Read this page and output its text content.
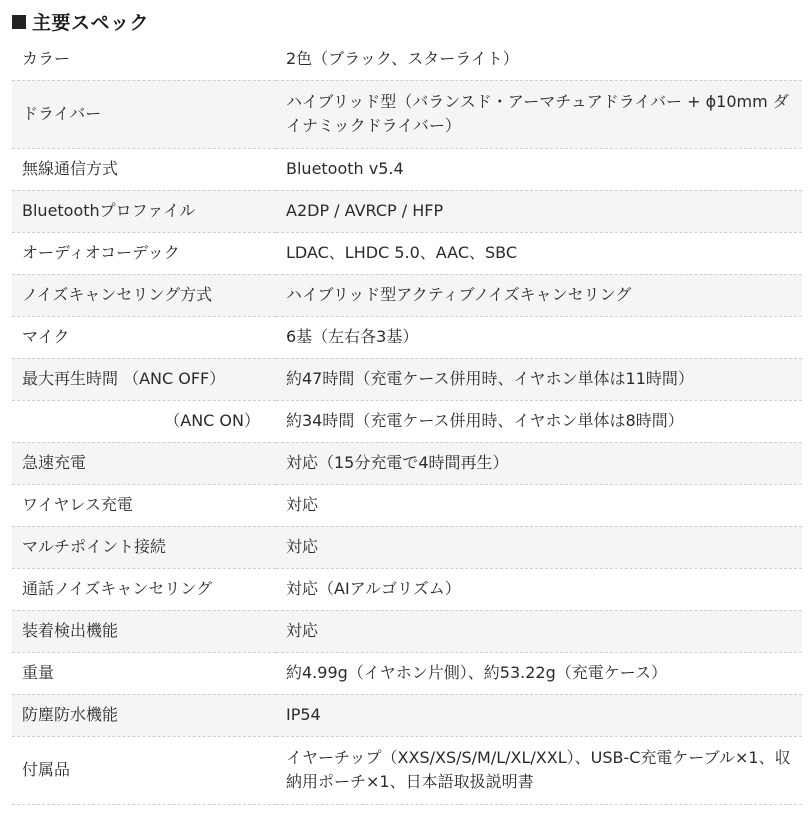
主要スペック
カラー	2色（ブラック、スターライト）
ドライバー	ハイブリッド型（バランスド・アーマチュアドライバー + ϕ10mm ダイナミックドライバー）
無線通信方式	Bluetooth v5.4
Bluetoothプロファイル	A2DP / AVRCP / HFP
オーディオコーデック	LDAC、LHDC 5.0、AAC、SBC
ノイズキャンセリング方式	ハイブリッド型アクティブノイズキャンセリング
マイク	6基（左右各3基）
最大再生時間 （ANC OFF）	約47時間（充電ケース併用時、イヤホン単体は11時間）
（ANC ON）	約34時間（充電ケース併用時、イヤホン単体は8時間）
急速充電	対応（15分充電で4時間再生）
ワイヤレス充電	対応
マルチポイント接続	対応
通話ノイズキャンセリング	対応（AIアルゴリズム）
装着検出機能	対応
重量	約4.99g（イヤホン片側）、約53.22g（充電ケース）
防塵防水機能	IP54
付属品	イヤーチップ（XXS/XS/S/M/L/XL/XXL）、USB-C充電ケーブル×1、収納用ポーチ×1、日本語取扱説明書
